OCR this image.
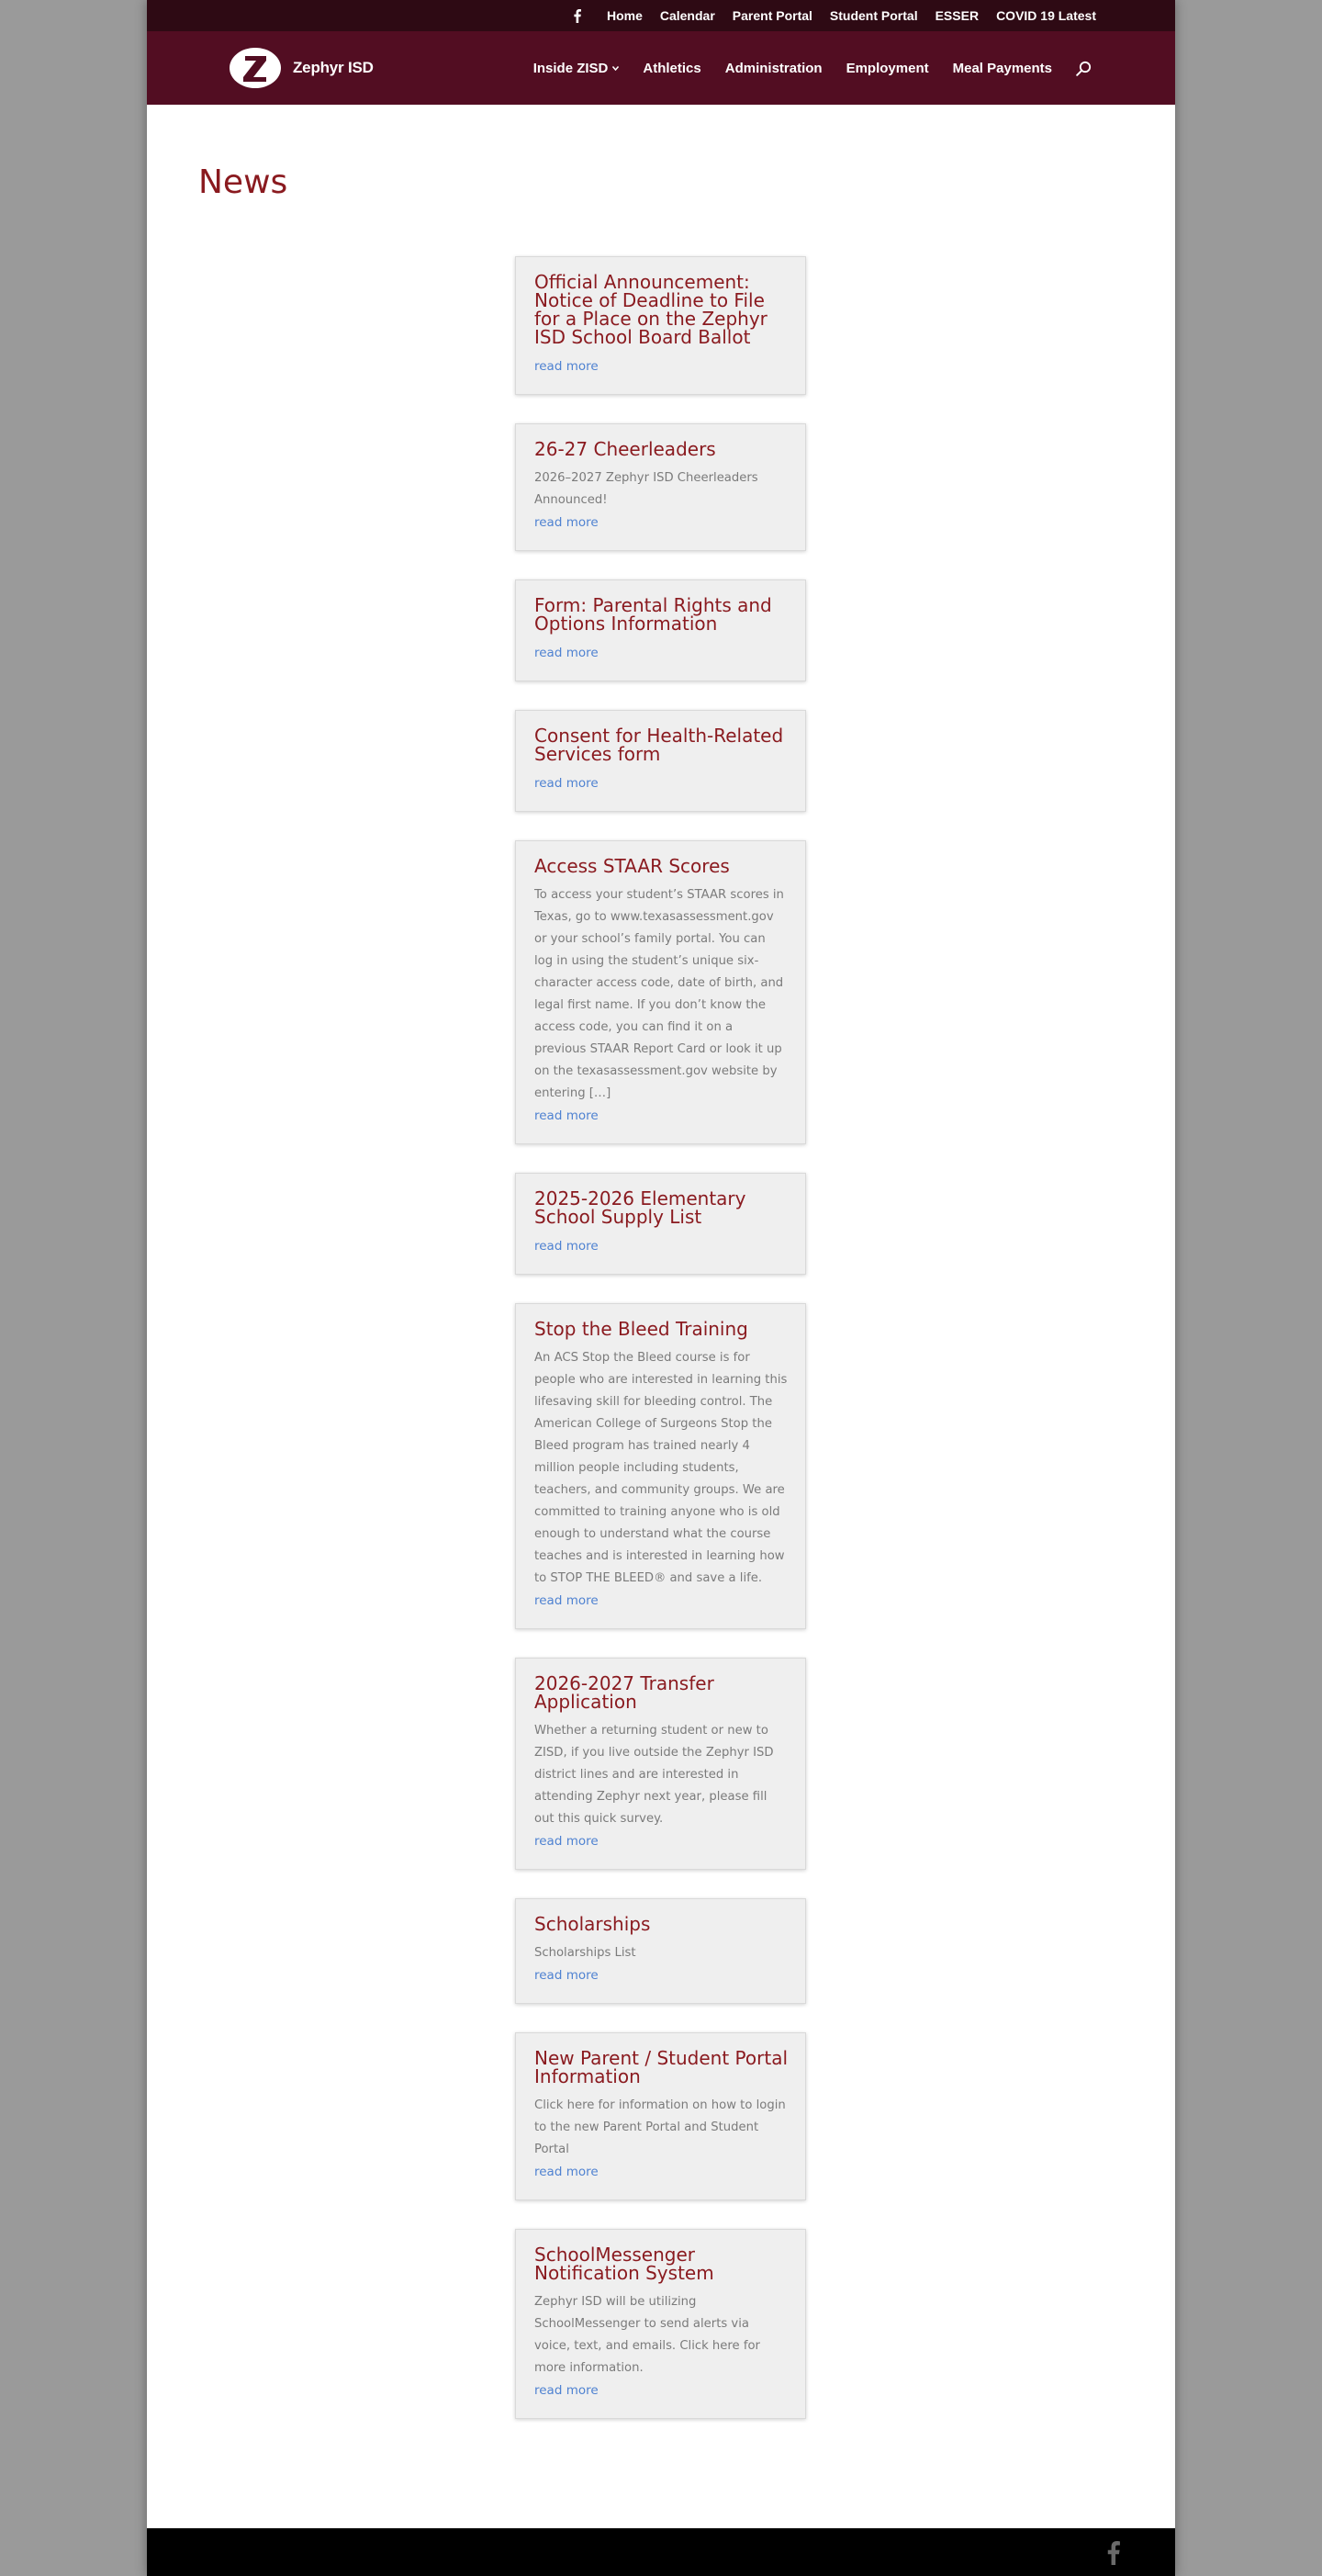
Home Calendar Parent Portal Student Portal ESSER COVID 19 Latest
Zephyr ISD	Inside ZISD	Athletics Administration Employment Meal Payments
News
Official Announcement: Notice of Deadline to File for a Place on the Zephyr ISD School Board Ballot
read more
26-27 Cheerleaders

2026–2027 Zephyr ISD Cheerleaders Announced!

read more
Form: Parental Rights and Options Information
read more
Consent for Health-Related Services form
read more
Access STAAR Scores

To access your student’s STAAR scores in Texas, go to www.texasassessment.gov or your school’s family portal. You can log in using the student’s unique six-character access code, date of birth, and legal first name. If you don’t know the access code, you can find it on a previous STAAR Report Card or look it up on the texasassessment.gov website by entering […]

read more
2025-2026 Elementary School Supply List
read more
Stop the Bleed Training

An ACS Stop the Bleed course is for people who are interested in learning this lifesaving skill for bleeding control. The American College of Surgeons Stop the Bleed program has trained nearly 4 million people including students, teachers, and community groups. We are committed to training anyone who is old enough to understand what the course teaches and is interested in learning how to STOP THE BLEED® and save a life.

read more
2026-2027 Transfer Application

Whether a returning student or new to ZISD, if you live outside the Zephyr ISD district lines and are interested in attending Zephyr next year, please fill out this quick survey.

read more
Scholarships

Scholarships List

read more
New Parent / Student Portal Information

Click here for information on how to login to the new Parent Portal and Student Portal

read more
SchoolMessenger Notification System

Zephyr ISD will be utilizing SchoolMessenger to send alerts via voice, text, and emails. Click here for more information.

read more
